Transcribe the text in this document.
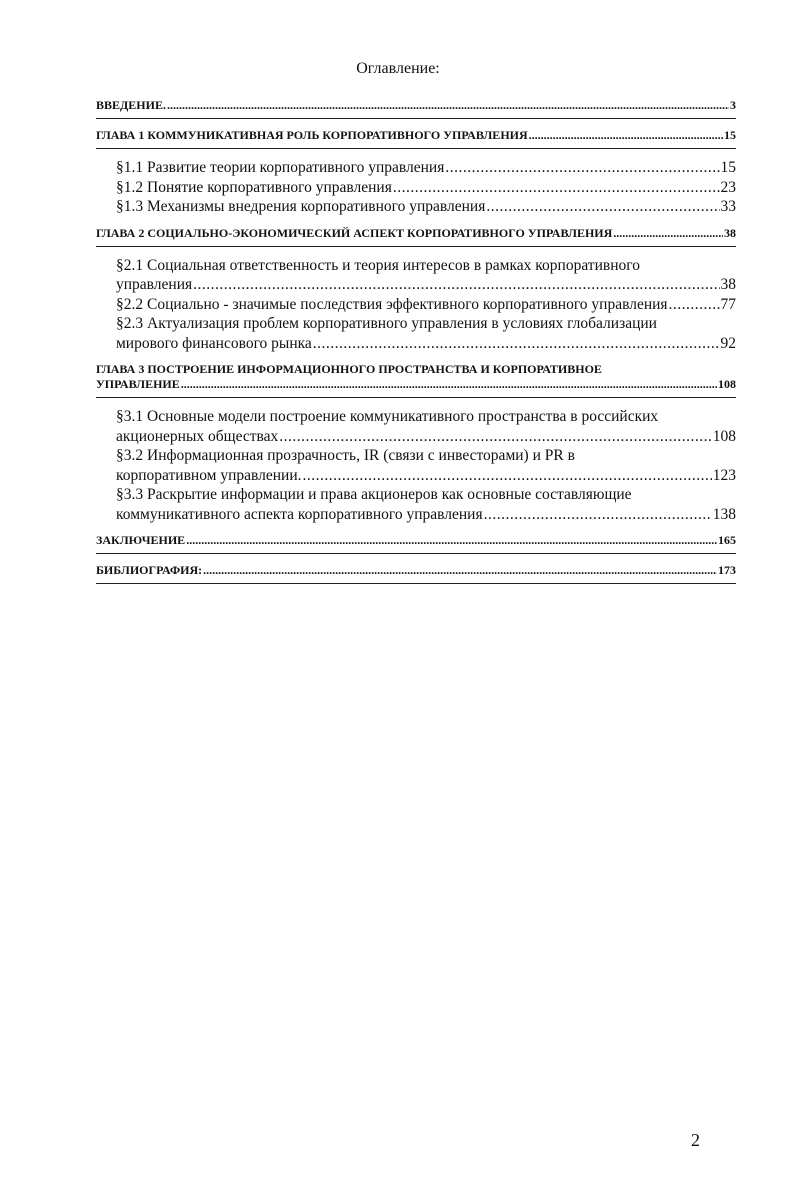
Оглавление:
ВВЕДЕНИЕ. .....	3
ГЛАВА 1 КОММУНИКАТИВНАЯ РОЛЬ КОРПОРАТИВНОГО УПРАВЛЕНИЯ .....	15
§1.1 Развитие теории корпоративного управления .....	15
§1.2 Понятие корпоративного управления .....	23
§1.3 Механизмы внедрения корпоративного управления .....	33
ГЛАВА 2 СОЦИАЛЬНО-ЭКОНОМИЧЕСКИЙ АСПЕКТ КОРПОРАТИВНОГО УПРАВЛЕНИЯ .....	38
§2.1 Социальная ответственность и теория интересов в рамках корпоративного
управления .....	38
§2.2 Социально - значимые последствия эффективного корпоративного управления .....	77
§2.3 Актуализация проблем корпоративного управления в условиях глобализации
мирового финансового рынка .....	92
ГЛАВА 3 ПОСТРОЕНИЕ ИНФОРМАЦИОННОГО ПРОСТРАНСТВА И КОРПОРАТИВНОЕ
УПРАВЛЕНИЕ .....	108
§3.1 Основные модели построение коммуникативного пространства в российских
акционерных обществах .....	108
§3.2 Информационная прозрачность, IR (связи с инвесторами) и PR в
корпоративном управлении. .....	123
§3.3 Раскрытие информации и права акционеров как основные составляющие
коммуникативного аспекта корпоративного управления .....	138
ЗАКЛЮЧЕНИЕ .....	165
БИБЛИОГРАФИЯ: .....	173
2
